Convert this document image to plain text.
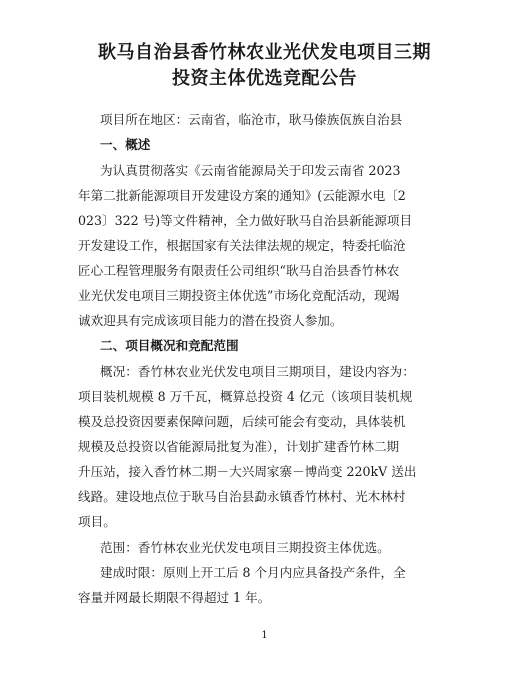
耿马自治县香竹林农业光伏发电项目三期
投资主体优选竞配公告
项目所在地区：云南省，临沧市，耿马傣族佤族自治县
一、概述
为认真贯彻落实《云南省能源局关于印发云南省 2023
年第二批新能源项目开发建设方案的通知》(云能源水电〔2
023〕322 号)等文件精神，全力做好耿马自治县新能源项目
开发建设工作，根据国家有关法律法规的规定，特委托临沧
匠心工程管理服务有限责任公司组织“耿马自治县香竹林农
业光伏发电项目三期投资主体优选”市场化竞配活动，现竭
诚欢迎具有完成该项目能力的潜在投资人参加。
二、项目概况和竞配范围
概况：香竹林农业光伏发电项目三期项目，建设内容为：
项目装机规模 8 万千瓦，概算总投资 4 亿元（该项目装机规
模及总投资因要素保障问题，后续可能会有变动，具体装机
规模及总投资以省能源局批复为准），计划扩建香竹林二期
升压站，接入香竹林二期－大兴周家寨－博尚变 220kV 送出
线路。建设地点位于耿马自治县勐永镇香竹林村、光木林村
项目。
范围：香竹林农业光伏发电项目三期投资主体优选。
建成时限：原则上开工后 8 个月内应具备投产条件，全
容量并网最长期限不得超过 1 年。
1
